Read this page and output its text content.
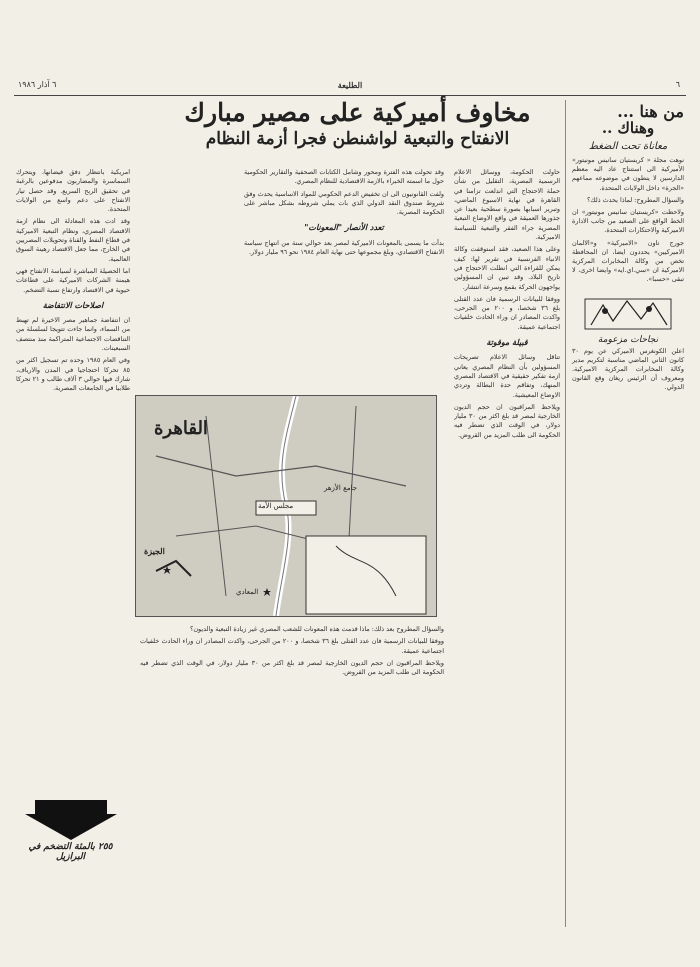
٦
الطليعة
٦ آذار ١٩٨٦
من هنا ...
وهناك ..
معاناة تحت الضغط

نوهت مجلة « كريستيان سانيس مونيتور» الأميركية الى استنتاج عاد اليه معظم الدارسين لا ينطون في موضوعه مماعهم «الجرة» داخل الولايات المتحدة.

والسؤال المطروح: لماذا يحدث ذلك؟

ولاحظت «كريستيان سانيس مونيتور» ان الخط الواقع على الصعيد من جانب الادارة الاميركية والاحتكارات المتحدة.

جورج تاون «الاميركية» و«الالمان الاميركيين» يحددون ايضا، ان المحافظة تخص من وكالة المخابرات المركزية الاميركية ان «سي.اي.ايه» وايضا اخرى، لا تبقى «حسبا».

نجاحات مزعومة

اعلن الكونغرس الاميركي عن يوم ٣٠ كانون الثاني الماضي مناسبة لتكريم مدير وكالة المخابرات المركزية الاميركية. ومعروف أن الرئيس ريغان وقع القانون الدولي.

مخاوف أميركية على مصير مبارك
الانفتاح والتبعية لواشنطن فجرا أزمة النظام

حاولت الحكومة، ووسائل الاعلام الرسمية المصرية، التقليل من شأن حملة الاحتجاج التي اندلعت تزامنا في القاهرة في نهاية الاسبوع الماضي، وتبرير اسبابها بصورة سطحية بعيدا عن جذورها العميقة في واقع الاوضاع التبعية المصرية جراء الفقر والتبعية للسياسة الاميركية.

وعلى هذا الصعيد، فقد استوقفت وكالة الانباء الفرنسية في تقرير لها: كيف يمكن للقراءة التي انطلت الاحتجاج في تاريخ البلاد. وقد تبين ان المسؤولين يواجهون الحركة بقمع وسرعة انتشار.

ووفقا للبيانات الرسمية فان عدد القتلى بلغ ٣٦ شخصا، و ٢٠٠ من الجرحى، واكدت المصادر ان وراء الحادث خلفيات اجتماعية عميقة.

قبيلة موقوتة

تناقل وسائل الاعلام تصريحات المسؤولين بأن النظام المصري يعاني ازمة تفكير حقيقية في الاقتصاد المصري المنهك، وتفاقم حدة البطالة وتردي الاوضاع المعيشية.

ويلاحظ المراقبون ان حجم الديون الخارجية لمصر قد بلغ اكثر من ٣٠ مليار دولار، في الوقت الذي تضطر فيه الحكومة الى طلب المزيد من القروض.

وقد تحولت هذه الفترة ومحور وشامل الكتابات الصحفية والتقارير الحكومية حول ما اسمته الخبراء بالازمة الاقتصادية للنظام المصري.

ولفت القانونيون الى ان تخفيض الدعم الحكومي للمواد الاساسية يحدث وفق شروط صندوق النقد الدولي الذي بات يملي شروطه بشكل مباشر على الحكومة المصرية.

تعدد الأنصار "المعونات"

بدأت ما يسمى بالمعونات الاميركية لمصر بعد حوالي سنة من انتهاج سياسة الانفتاح الاقتصادي، وبلغ مجموعها حتى نهاية العام ١٩٨٤ نحو ٩٦ مليار دولار.

والسؤال المطروح بعد ذلك: ماذا قدمت هذه المعونات للشعب المصري غير زيادة التبعية والديون؟

ووفقا للبيانات الرسمية فان عدد القتلى بلغ ٣٦ شخصا، و ٢٠٠ من الجرحى، واكدت المصادر ان وراء الحادث خلفيات اجتماعية عميقة.

ويلاحظ المراقبون ان حجم الديون الخارجية لمصر قد بلغ اكثر من ٣٠ مليار دولار، في الوقت الذي تضطر فيه الحكومة الى طلب المزيد من القروض.

امريكية بانتظار دفق فيضانها، ويتحرك السماسرة والمضاربون مدفوعين بالرغبة في تحقيق الربح السريع. وقد حصل تيار الانفتاح على دعم واسع من الولايات المتحدة.

وقد ادت هذه المعادلة الى نظام ازمة الاقتصاد المصري، ونظام التبعية الاميركية في قطاع النفط والقناة وتحويلات المصريين في الخارج، مما جعل الاقتصاد رهينة السوق العالمية.

اما الحصيلة المباشرة لسياسة الانفتاح فهي هيمنة الشركات الاميركية على قطاعات حيوية في الاقتصاد وارتفاع نسبة التضخم.

اصلاحات الانتفاضة

ان انتفاضة جماهير مصر الاخيرة لم تهبط من السماء، وانما جاءت تتويجا لسلسلة من التناقضات الاجتماعية المتراكمة منذ منتصف السبعينات.

وفي العام ١٩٨٥ وحده تم تسجيل اكثر من ٨٥ تحركا احتجاجيا في المدن والارياف، شارك فيها حوالي ٣ آلاف طالب و ٢١ تحركا طلابيا في الجامعات المصرية.

القاهرة
مجلس الأمة
جامع الأزهر
الجيزة
المعادي
٢٥٥ بالمئة التضخم في البرازيل
